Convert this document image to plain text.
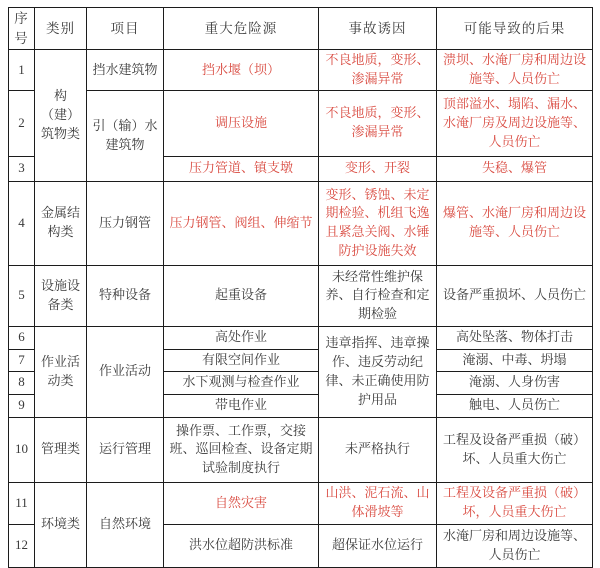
序号	类别	项目	重大危险源	事故诱因	可能导致的后果
1	构（建）筑物类	挡水建筑物	挡水堰（坝）	不良地质，变形、渗漏异常	溃坝、水淹厂房和周边设施等、人员伤亡
2		引（输）水建筑物	调压设施	不良地质，变形、渗漏异常	顶部溢水、塌陷、漏水、水淹厂房及周边设施等、人员伤亡
3			压力管道、镇支墩	变形、开裂	失稳、爆管
4	金属结构类	压力钢管	压力钢管、阀组、伸缩节	变形、锈蚀、未定期检验、机组飞逸且紧急关阀、水锤防护设施失效	爆管、水淹厂房和周边设施等、人员伤亡
5	设施设备类	特种设备	起重设备	未经常性维护保养、自行检查和定期检验	设备严重损坏、人员伤亡
6	作业活动类	作业活动	高处作业	违章指挥、违章操作、违反劳动纪律、未正确使用防护用品	高处坠落、物体打击
7			有限空间作业		淹溺、中毒、坍塌
8			水下观测与检查作业		淹溺、人身伤害
9			带电作业		触电、人员伤亡
10	管理类	运行管理	操作票、工作票，交接班、巡回检查、设备定期试验制度执行	未严格执行	工程及设备严重损（破）坏、人员重大伤亡
11	环境类	自然环境	自然灾害	山洪、泥石流、山体滑坡等	工程及设备严重损（破）坏，人员重大伤亡
12			洪水位超防洪标准	超保证水位运行	水淹厂房和周边设施等、人员伤亡
